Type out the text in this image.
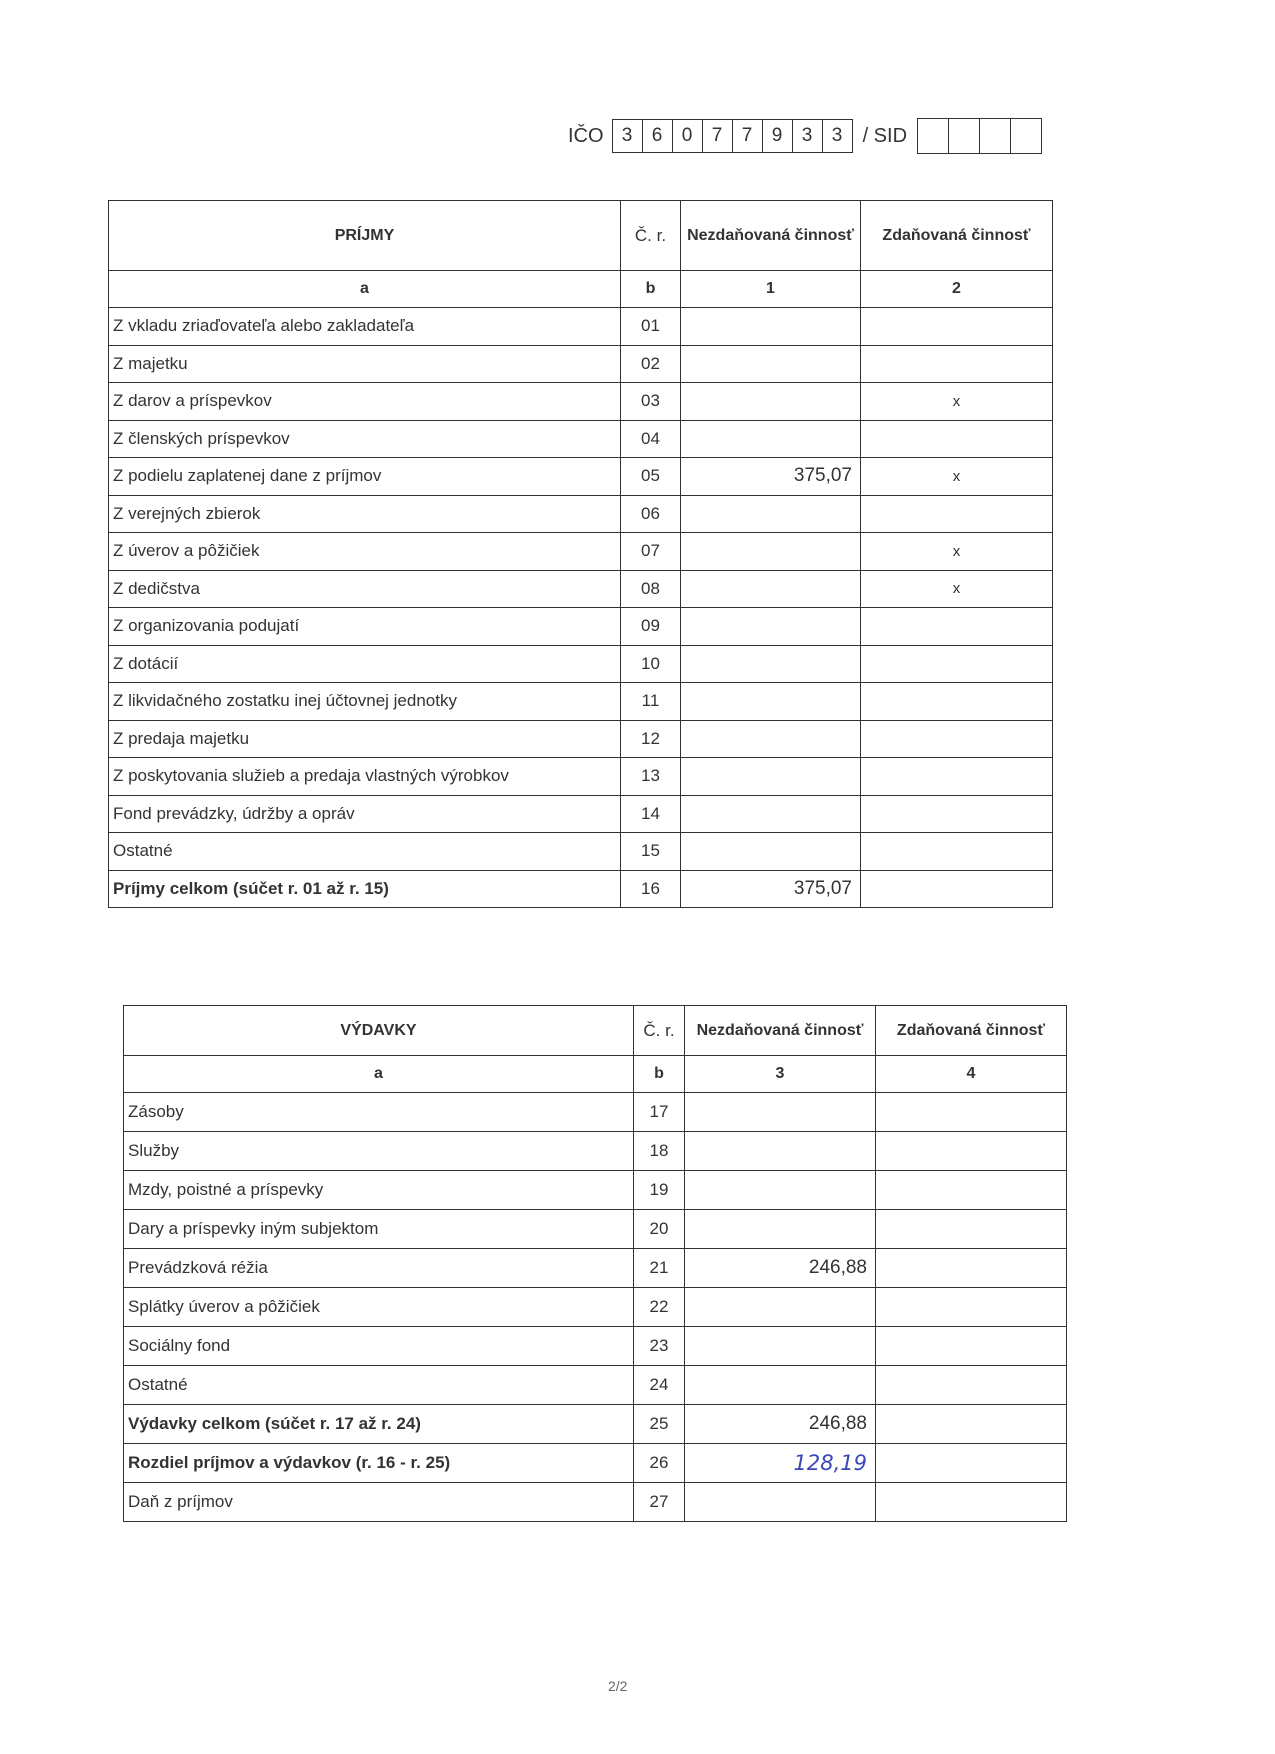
IČO 3	6	0	7	7	9	3	3	/ SID
PRÍJMY	Č. r.	Nezdaňovaná činnosť	Zdaňovaná činnosť
a	b	1	2
Z vkladu zriaďovateľa alebo zakladateľa	01		
Z majetku	02		
Z darov a príspevkov	03		x
Z členských príspevkov	04		
Z podielu zaplatenej dane z príjmov	05	375,07	x
Z verejných zbierok	06		
Z úverov a pôžičiek	07		x
Z dedičstva	08		x
Z organizovania podujatí	09		
Z dotácií	10		
Z likvidačného zostatku inej účtovnej jednotky	11		
Z predaja majetku	12		
Z poskytovania služieb a predaja vlastných výrobkov	13		
Fond prevádzky, údržby a opráv	14		
Ostatné	15		
Príjmy celkom (súčet r. 01 až r. 15)	16	375,07	
VÝDAVKY	Č. r.	Nezdaňovaná činnosť	Zdaňovaná činnosť
a	b	3	4
Zásoby	17		
Služby	18		
Mzdy, poistné a príspevky	19		
Dary a príspevky iným subjektom	20		
Prevádzková réžia	21	246,88	
Splátky úverov a pôžičiek	22		
Sociálny fond	23		
Ostatné	24		
Výdavky celkom (súčet r. 17 až r. 24)	25	246,88	
Rozdiel príjmov a výdavkov (r. 16 - r. 25)	26	128,19	
Daň z príjmov	27		
2/2
